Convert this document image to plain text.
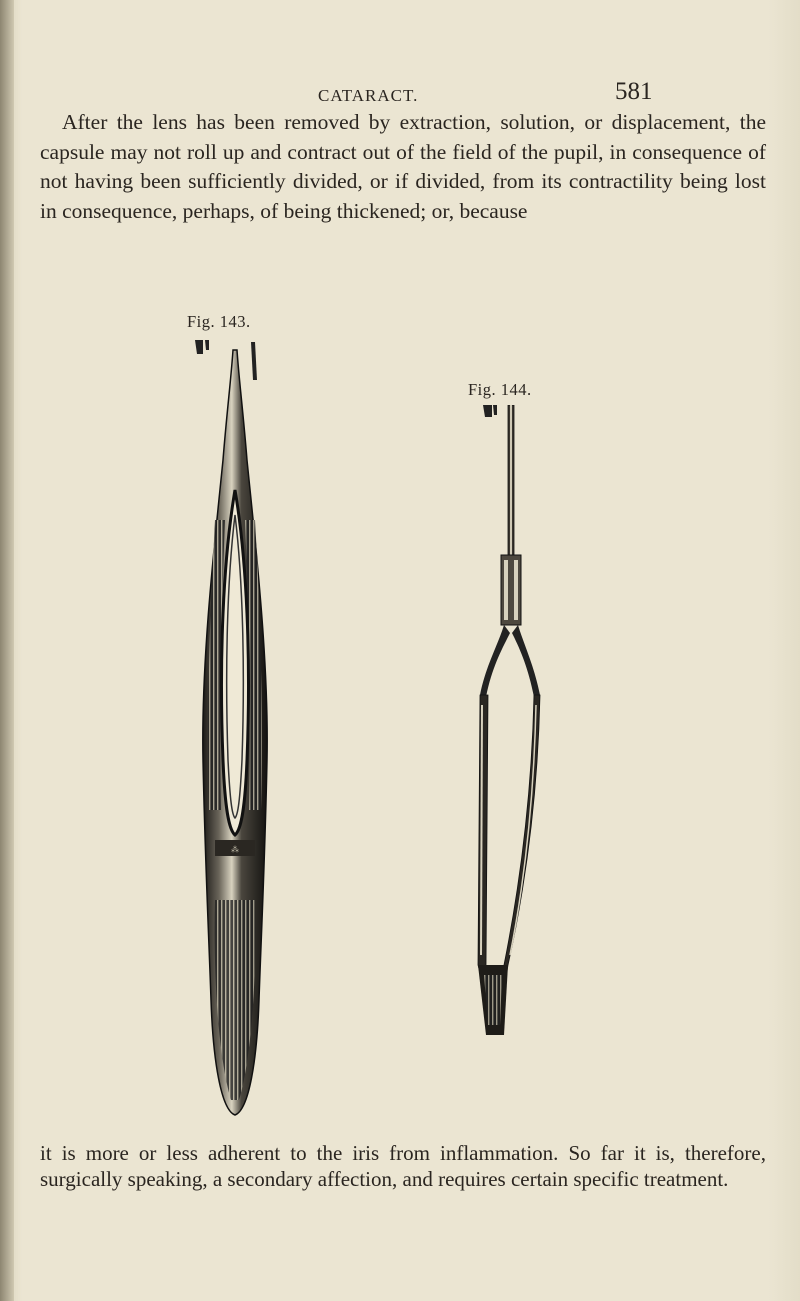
CATARACT.	581

After the lens has been removed by extraction, solution, or displacement, the capsule may not roll up and contract out of the field of the pupil, in consequence of not having been sufficiently divided, or if divided, from its contractility being lost in consequence, perhaps, of being thickened; or, because

Fig. 143.
⁂
Fig. 144.

it is more or less adherent to the iris from inflammation. So far it is, therefore, surgically speaking, a secondary affection, and requires certain specific treatment.
